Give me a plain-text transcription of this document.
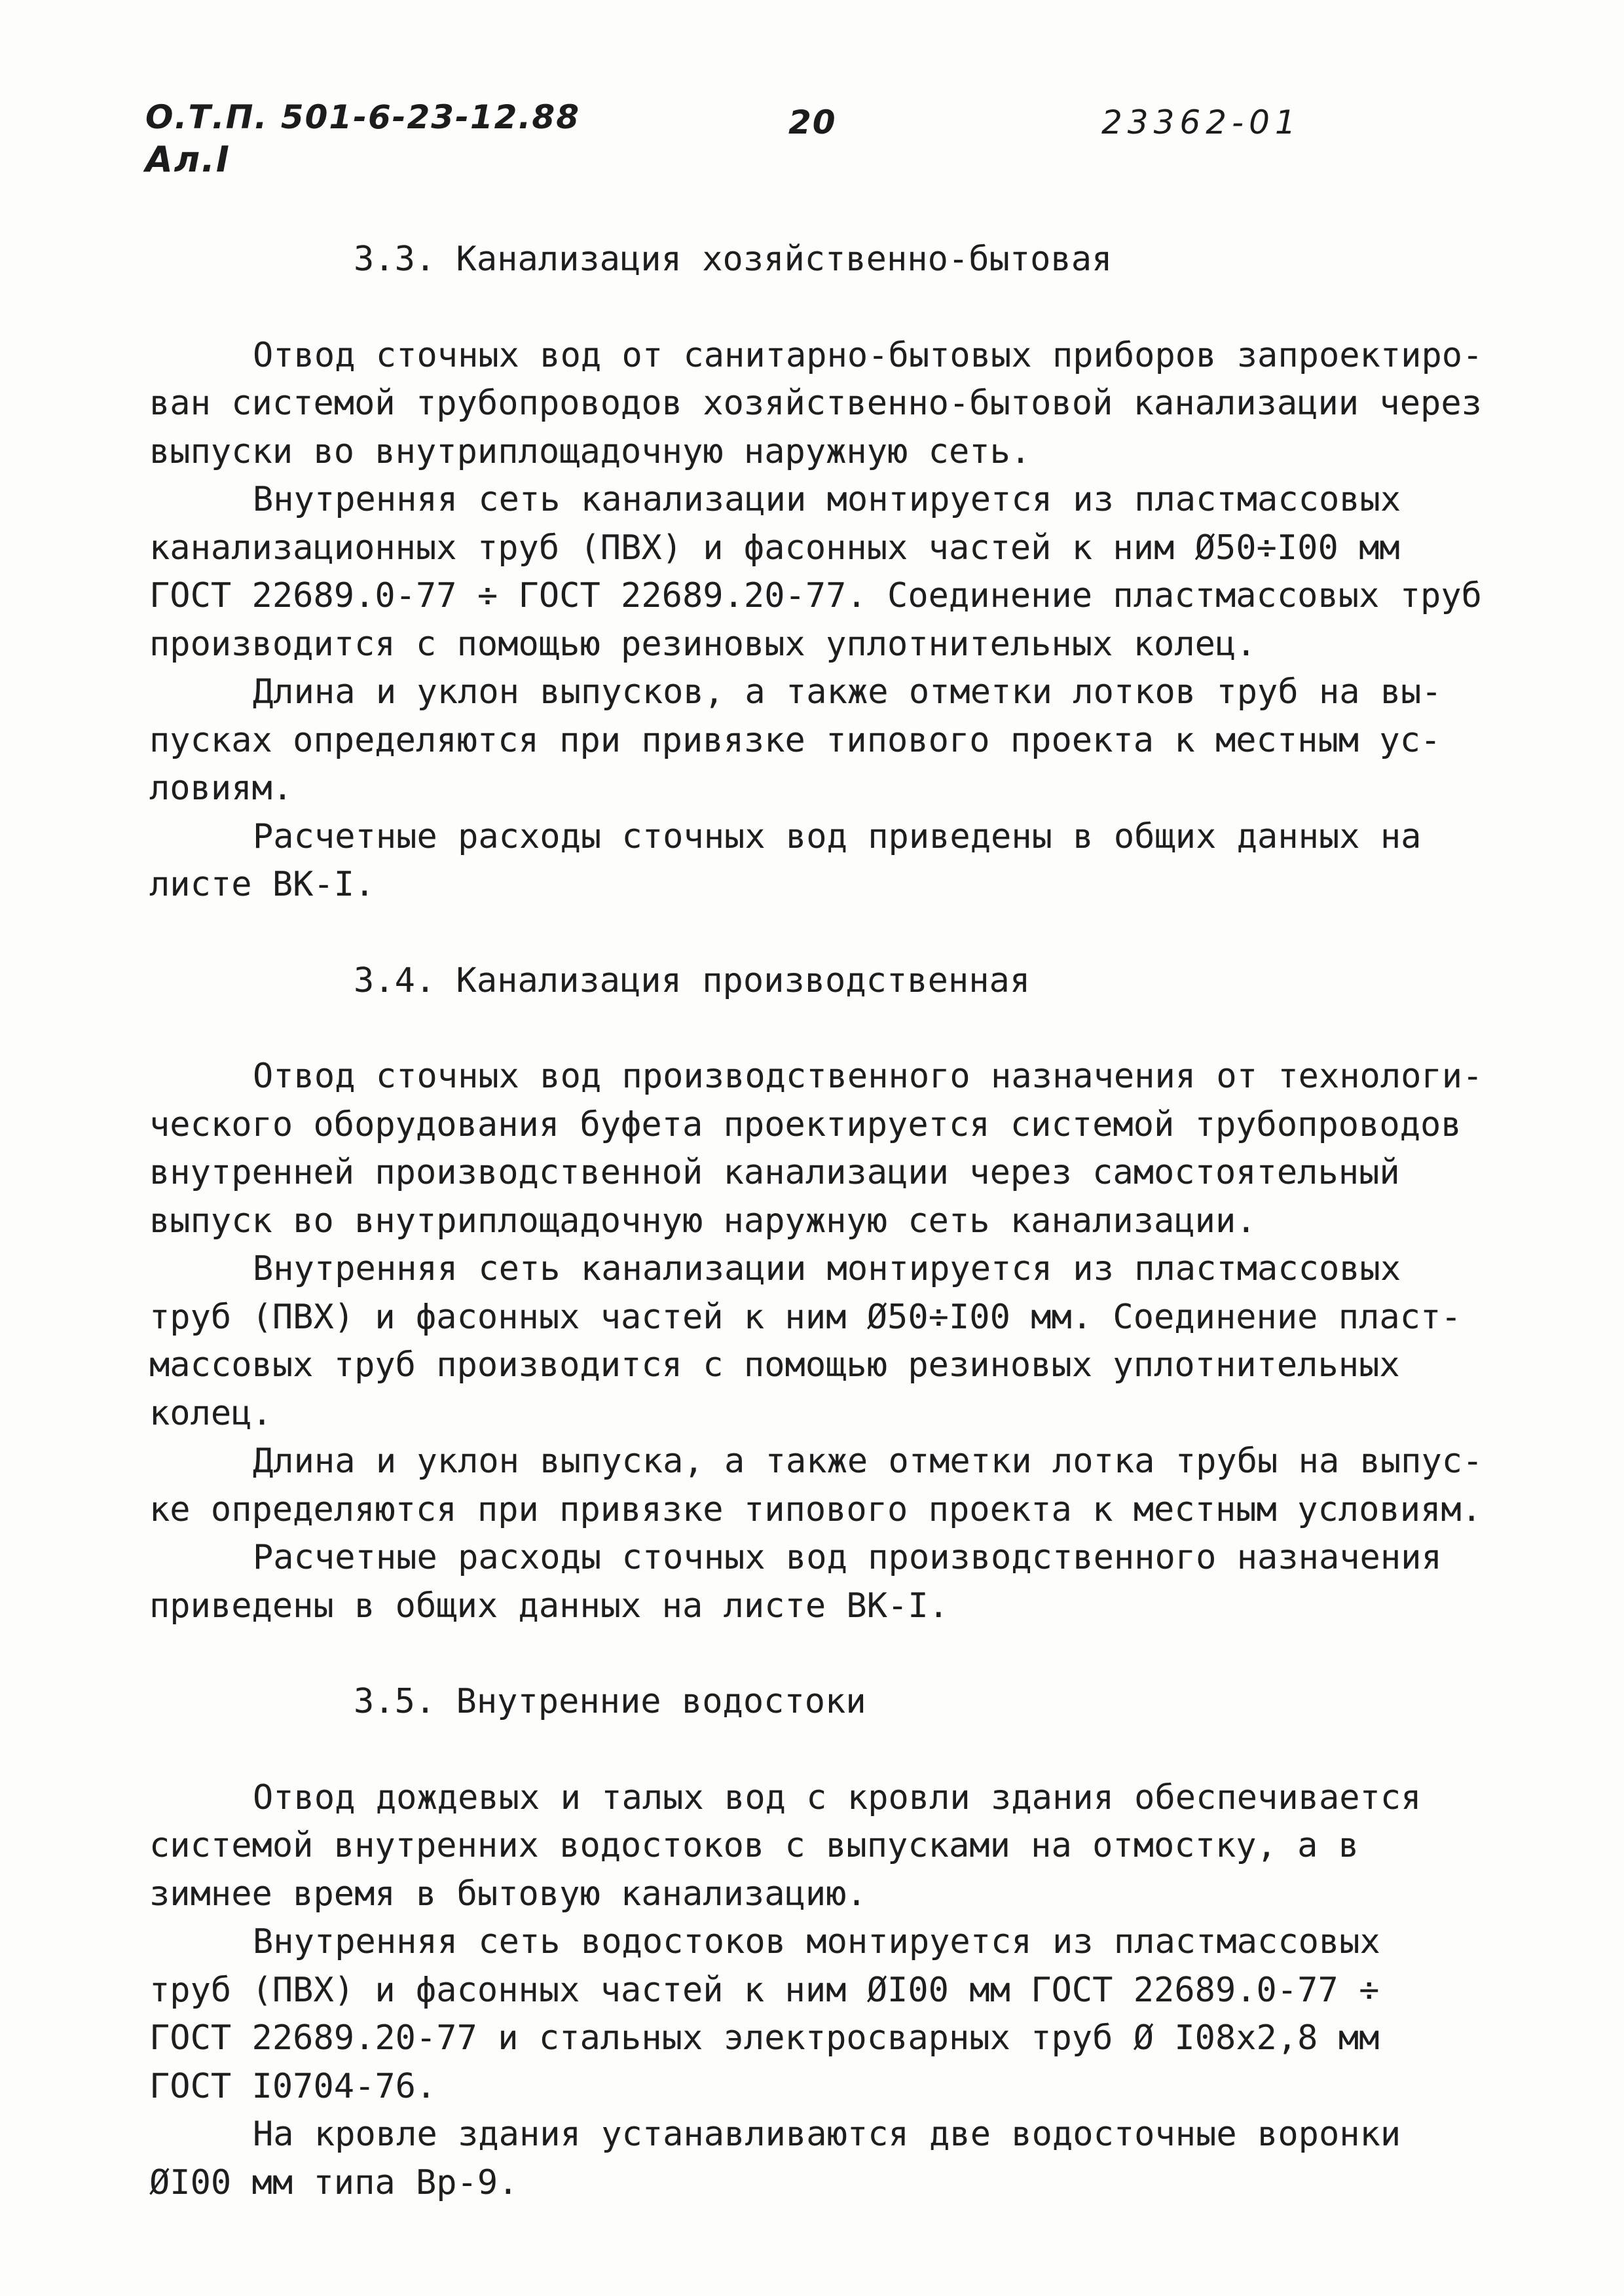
О.Т.П. 501-6-23-12.88
Ал.I
20	23362-01
3.3. Канализация хозяйственно-бытовая
Отвод сточных вод от санитарно-бытовых приборов запроектиро-
ван системой трубопроводов хозяйственно-бытовой канализации через
выпуски во внутриплощадочную наружную сеть.
Внутренняя сеть канализации монтируется из пластмассовых
канализационных труб (ПВХ) и фасонных частей к ним Ø50÷I00 мм
ГОСТ 22689.0-77 ÷ ГОСТ 22689.20-77. Соединение пластмассовых труб
производится с помощью резиновых уплотнительных колец.
Длина и уклон выпусков, а также отметки лотков труб на вы-
пусках определяются при привязке типового проекта к местным ус-
ловиям.
Расчетные расходы сточных вод приведены в общих данных на
листе ВК-I.
3.4. Канализация производственная
Отвод сточных вод производственного назначения от технологи-
ческого оборудования буфета проектируется системой трубопроводов
внутренней производственной канализации через самостоятельный
выпуск во внутриплощадочную наружную сеть канализации.
Внутренняя сеть канализации монтируется из пластмассовых
труб (ПВХ) и фасонных частей к ним Ø50÷I00 мм. Соединение пласт-
массовых труб производится с помощью резиновых уплотнительных
колец.
Длина и уклон выпуска, а также отметки лотка трубы на выпус-
ке определяются при привязке типового проекта к местным условиям.
Расчетные расходы сточных вод производственного назначения
приведены в общих данных на листе ВК-I.
3.5. Внутренние водостоки
Отвод дождевых и талых вод с кровли здания обеспечивается
системой внутренних водостоков с выпусками на отмостку, а в
зимнее время в бытовую канализацию.
Внутренняя сеть водостоков монтируется из пластмассовых
труб (ПВХ) и фасонных частей к ним ØI00 мм ГОСТ 22689.0-77 ÷
ГОСТ 22689.20-77 и стальных электросварных труб Ø I08х2,8 мм
ГОСТ I0704-76.
На кровле здания устанавливаются две водосточные воронки
ØI00 мм типа Вр-9.
